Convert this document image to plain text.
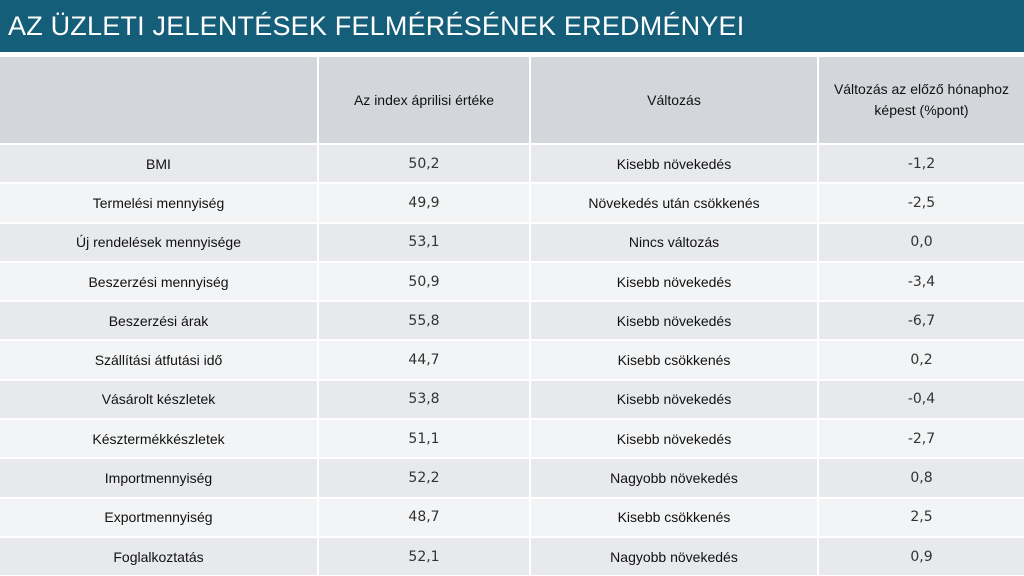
AZ ÜZLETI JELENTÉSEK FELMÉRÉSÉNEK EREDMÉNYEI
	Az index áprilisi értéke	Változás	Változás az előző hónaphoz képest (%pont)
BMI	50,2	Kisebb növekedés	-1,2
Termelési mennyiség	49,9	Növekedés után csökkenés	-2,5
Új rendelések mennyisége	53,1	Nincs változás	0,0
Beszerzési mennyiség	50,9	Kisebb növekedés	-3,4
Beszerzési árak	55,8	Kisebb növekedés	-6,7
Szállítási átfutási idő	44,7	Kisebb csökkenés	0,2
Vásárolt készletek	53,8	Kisebb növekedés	-0,4
Késztermékkészletek	51,1	Kisebb növekedés	-2,7
Importmennyiség	52,2	Nagyobb növekedés	0,8
Exportmennyiség	48,7	Kisebb csökkenés	2,5
Foglalkoztatás	52,1	Nagyobb növekedés	0,9
